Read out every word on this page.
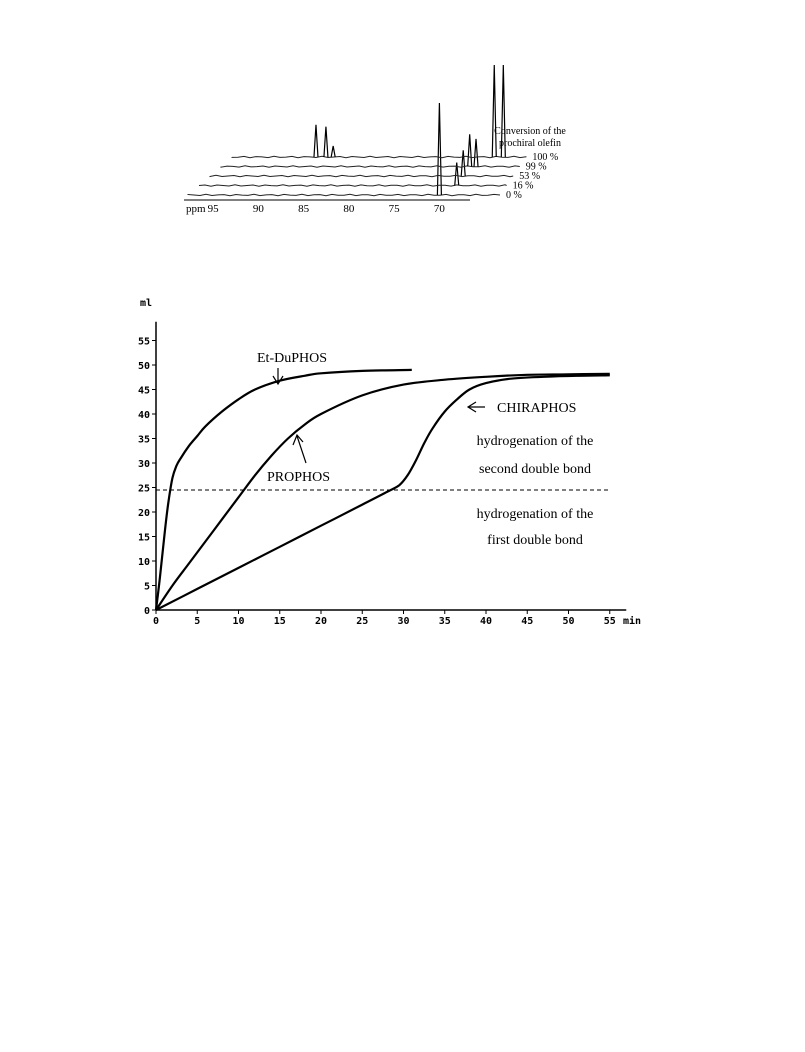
95	90	85	80	75	70
ppm
Conversion of the
prochiral olefin
0 %
16 %
53 %
99 %
100 %
0	5	10	15	20	25	30	35	40	45	50	55
0
5
10
15
20
25
30
35
40
45
50
55
ml
min
Et-DuPHOS
PROPHOS
CHIRAPHOS
hydrogenation of the
second double bond
hydrogenation of the
first double bond
